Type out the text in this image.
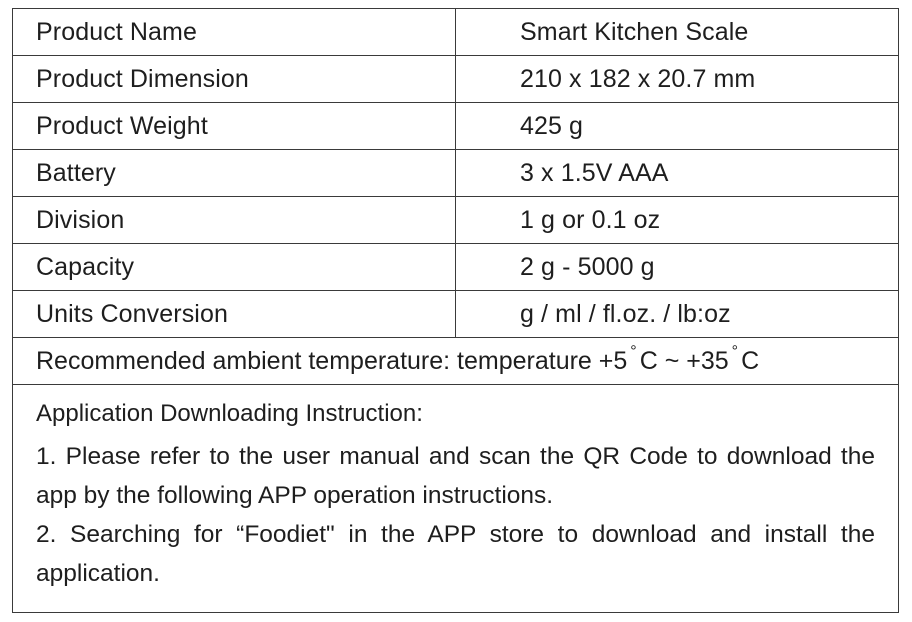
Product Name	Smart Kitchen Scale
Product Dimension	210 x 182 x 20.7 mm
Product Weight	425 g
Battery	3 x 1.5V AAA
Division	1 g or 0.1 oz
Capacity	2 g - 5000 g
Units Conversion	g / ml / fl.oz. / lb:oz
Recommended ambient temperature: temperature +5 ° C ~ +35 ° C

Application Downloading Instruction:

1. Please refer to the user manual and scan the QR Code to download the app by the following APP operation instructions.

2. Searching for “Foodiet" in the APP store to download and install the application.
